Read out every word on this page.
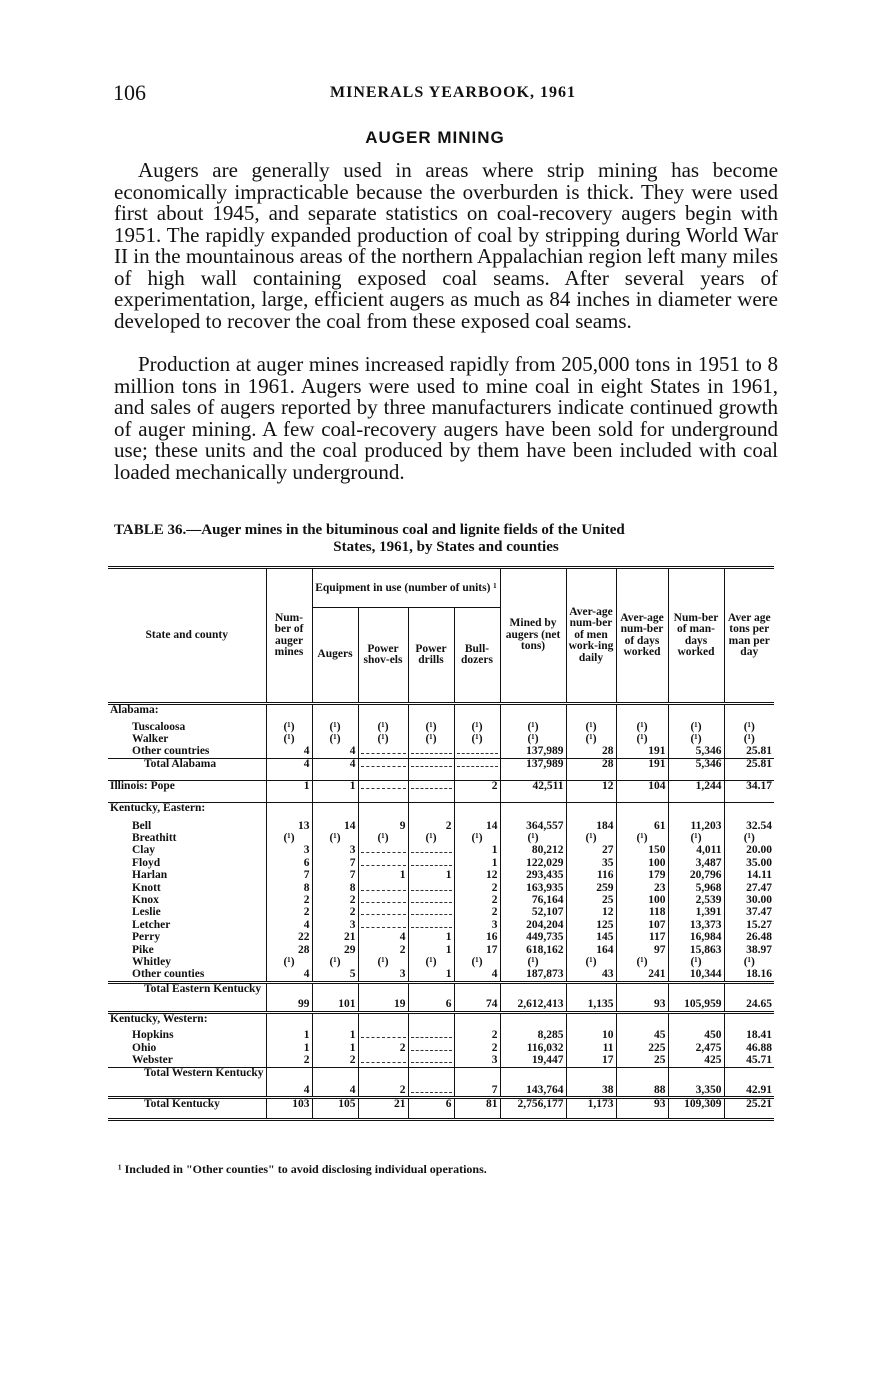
106	MINERALS YEARBOOK, 1961
AUGER MINING

Augers are generally used in areas where strip mining has become economically impracticable because the overburden is thick. They were used first about 1945, and separate statistics on coal-recovery augers begin with 1951. The rapidly expanded production of coal by stripping during World War II in the mountainous areas of the northern Appalachian region left many miles of high wall containing exposed coal seams. After several years of experimentation, large, efficient augers as much as 84 inches in diameter were developed to recover the coal from these exposed coal seams.

Production at auger mines increased rapidly from 205,000 tons in 1951 to 8 million tons in 1961. Augers were used to mine coal in eight States in 1961, and sales of augers reported by three manufacturers indicate continued growth of auger mining. A few coal-recovery augers have been sold for underground use; these units and the coal produced by them have been included with coal loaded mechanically underground.

TABLE 36.—Auger mines in the bituminous coal and lignite fields of the United
States, 1961, by States and counties
State and county	Num-ber of auger mines	Equipment in use (number of units) ¹				Mined by augers (net tons)	Aver-age num-ber of men work-ing daily	Aver-age num-ber of days worked	Num-ber of man-days worked	Aver age tons per man per day
		Augers	Power shov-els	Power drills	Bull-dozers					
Alabama:										
Tuscaloosa	(¹)	(¹)	(¹)	(¹)	(¹)	(¹)	(¹)	(¹)	(¹)	(¹)
Walker	(¹)	(¹)	(¹)	(¹)	(¹)	(¹)	(¹)	(¹)	(¹)	(¹)
Other countries	4	4				137,989	28	191	5,346	25.81
Total Alabama	4	4				137,989	28	191	5,346	25.81
Illinois: Pope	1	1			2	42,511	12	104	1,244	34.17
Kentucky, Eastern:										
Bell	13	14	9	2	14	364,557	184	61	11,203	32.54
Breathitt	(¹)	(¹)	(¹)	(¹)	(¹)	(¹)	(¹)	(¹)	(¹)	(¹)
Clay	3	3			1	80,212	27	150	4,011	20.00
Floyd	6	7			1	122,029	35	100	3,487	35.00
Harlan	7	7	1	1	12	293,435	116	179	20,796	14.11
Knott	8	8			2	163,935	259	23	5,968	27.47
Knox	2	2			2	76,164	25	100	2,539	30.00
Leslie	2	2			2	52,107	12	118	1,391	37.47
Letcher	4	3			3	204,204	125	107	13,373	15.27
Perry	22	21	4	1	16	449,735	145	117	16,984	26.48
Pike	28	29	2	1	17	618,162	164	97	15,863	38.97
Whitley	(¹)	(¹)	(¹)	(¹)	(¹)	(¹)	(¹)	(¹)	(¹)	(¹)
Other counties	4	5	3	1	4	187,873	43	241	10,344	18.16
Total Eastern Kentucky	99	101	19	6	74	2,612,413	1,135	93	105,959	24.65
Kentucky, Western:										
Hopkins	1	1			2	8,285	10	45	450	18.41
Ohio	1	1	2		2	116,032	11	225	2,475	46.88
Webster	2	2			3	19,447	17	25	425	45.71
Total Western Kentucky	4	4	2		7	143,764	38	88	3,350	42.91
Total Kentucky	103	105	21	6	81	2,756,177	1,173	93	109,309	25.21
¹ Included in "Other counties" to avoid disclosing individual operations.
